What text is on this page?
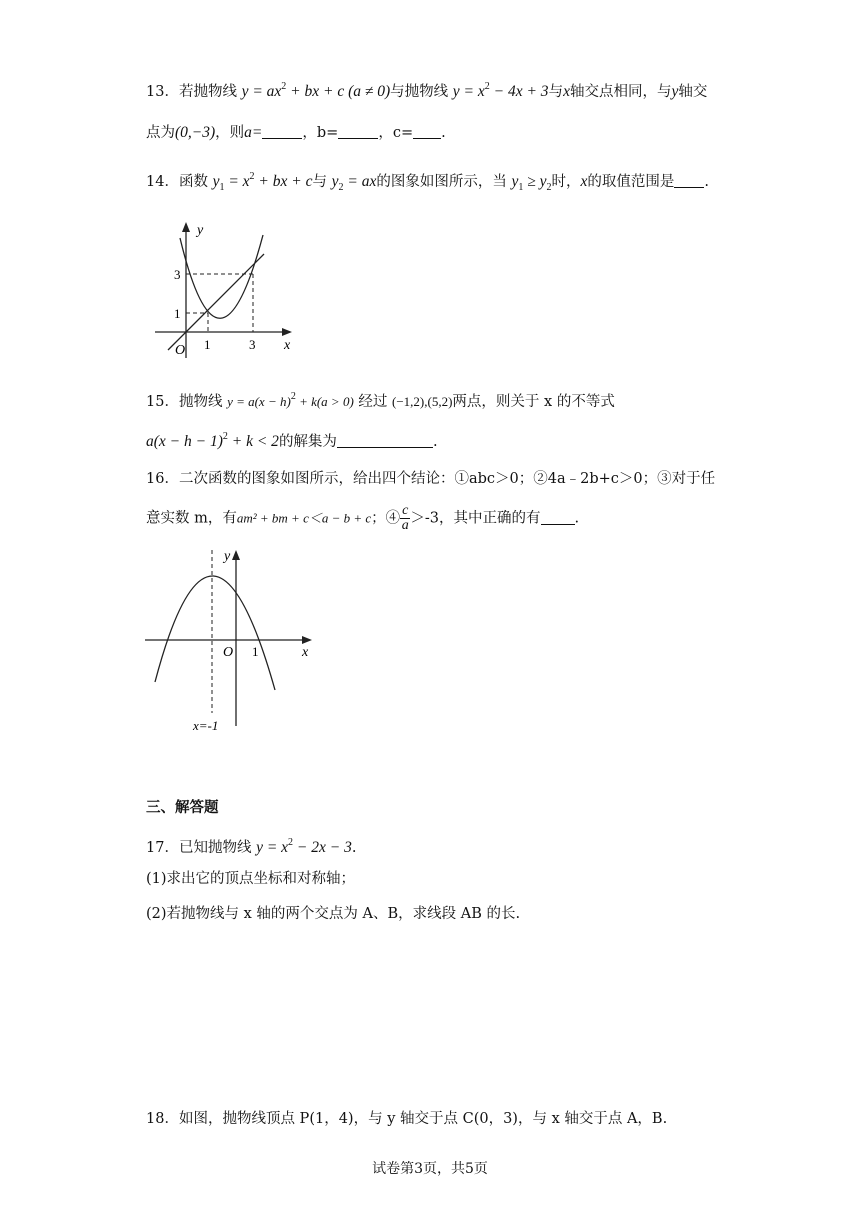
13．若抛物线 $y = ax^2$ + bx + c (a ≠ 0)与抛物线 $y = x^2 - 4x + 3$与x轴交点相同，与y轴交
点为(0,−3)，则a=	，b=	，c= .
14．函数 $y_1 = x^2$ + bx + c与 $y_2$ = ax的图象如图所示，当 $y_1 \ge y_2$时，x的取值范围是 .
y
x
O 1	3
1
3
15．抛物线 $y = a(x - h)^2 + k(a > 0)$ 经过 (−1,2),(5,2)两点，则关于 x 的不等式
$a(x - h - 1)^2 + k < 2$的解集为	.
16．二次函数的图象如图所示，给出四个结论：①abc＞0；②4a﹣2b+c＞0；③对于任
意实数 m，有am² + bm + c＜a − b + c；④ $\frac{c}{a} >-3$，其中正确的有 .
y
x
O 1
x=-1
三、解答题
17．已知抛物线 $y = x^2 - 2x - 3$.
(1)求出它的顶点坐标和对称轴；
(2)若抛物线与 x 轴的两个交点为 A、B，求线段 AB 的长.
18．如图，抛物线顶点 P(1，4)，与 y 轴交于点 C(0，3)，与 x 轴交于点 A，B.
试卷第3页，共5页
